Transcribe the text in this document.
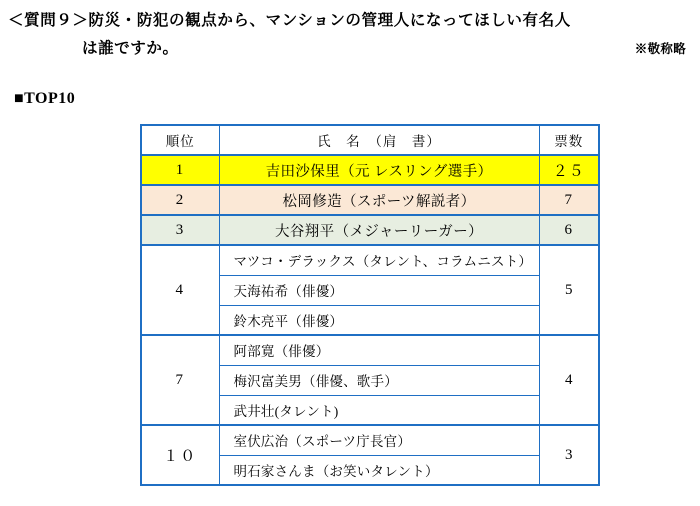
＜質問９＞ 防災・防犯の観点から、マンションの管理人になってほしい有名人
は誰ですか。	※敬称略
■TOP10
順位	氏　名　（肩　書）	票数
1	吉田沙保里（元 レスリング選手）	２５
2	松岡修造（スポーツ解説者）	7
3	大谷翔平（メジャーリーガー）	6
4	マツコ・デラックス（タレント、コラムニスト）	5
	天海祐希（俳優）	
	鈴木亮平（俳優）	
7	阿部寛（俳優）	4
	梅沢富美男（俳優、歌手）	
	武井壮(タレント)	
１０	室伏広治（スポーツ庁長官）	3
	明石家さんま（お笑いタレント）	
